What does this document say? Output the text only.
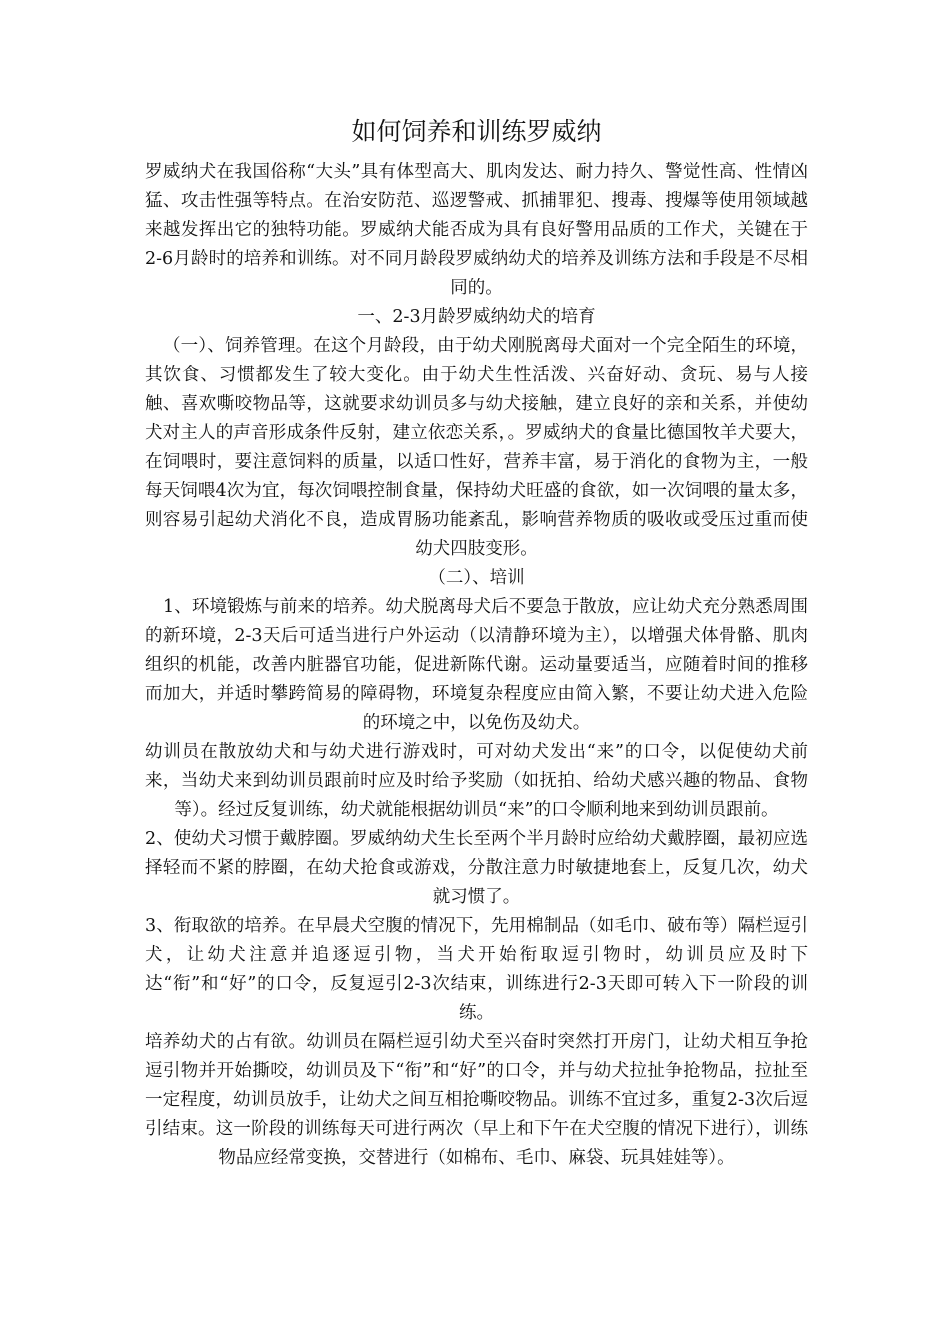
如何饲养和训练罗威纳

罗威纳犬在我国俗称“大头”具有体型高大、肌肉发达、耐力持久、警觉性高、性情凶猛、攻击性强等特点。在治安防范、巡逻警戒、抓捕罪犯、搜毒、搜爆等使用领域越来越发挥出它的独特功能。罗威纳犬能否成为具有良好警用品质的工作犬，关键在于2-6月龄时的培养和训练。对不同月龄段罗威纳幼犬的培养及训练方法和手段是不尽相同的。

一、2-3月龄罗威纳幼犬的培育

（一）、饲养管理。在这个月龄段，由于幼犬刚脱离母犬面对一个完全陌生的环境，其饮食、习惯都发生了较大变化。由于幼犬生性活泼、兴奋好动、贪玩、易与人接触、喜欢嘶咬物品等，这就要求幼训员多与幼犬接触，建立良好的亲和关系，并使幼犬对主人的声音形成条件反射，建立依恋关系，。罗威纳犬的食量比德国牧羊犬要大，在饲喂时，要注意饲料的质量，以适口性好，营养丰富，易于消化的食物为主，一般每天饲喂4次为宜，每次饲喂控制食量，保持幼犬旺盛的食欲，如一次饲喂的量太多，则容易引起幼犬消化不良，造成胃肠功能紊乱，影响营养物质的吸收或受压过重而使幼犬四肢变形。

（二）、培训

1、环境锻炼与前来的培养。幼犬脱离母犬后不要急于散放，应让幼犬充分熟悉周围的新环境，2-3天后可适当进行户外运动（以清静环境为主），以增强犬体骨骼、肌肉组织的机能，改善内脏器官功能，促进新陈代谢。运动量要适当，应随着时间的推移而加大，并适时攀跨简易的障碍物，环境复杂程度应由简入繁，不要让幼犬进入危险的环境之中，以免伤及幼犬。

幼训员在散放幼犬和与幼犬进行游戏时，可对幼犬发出“来”的口令，以促使幼犬前来，当幼犬来到幼训员跟前时应及时给予奖励（如抚拍、给幼犬感兴趣的物品、食物等）。经过反复训练，幼犬就能根据幼训员“来”的口令顺利地来到幼训员跟前。

2、使幼犬习惯于戴脖圈。罗威纳幼犬生长至两个半月龄时应给幼犬戴脖圈，最初应选择轻而不紧的脖圈，在幼犬抢食或游戏，分散注意力时敏捷地套上，反复几次，幼犬就习惯了。

3、衔取欲的培养。在早晨犬空腹的情况下，先用棉制品（如毛巾、破布等）隔栏逗引犬，让幼犬注意并追逐逗引物，当犬开始衔取逗引物时，幼训员应及时下达“衔”和“好”的口令，反复逗引2-3次结束，训练进行2-3天即可转入下一阶段的训练。

培养幼犬的占有欲。幼训员在隔栏逗引幼犬至兴奋时突然打开房门，让幼犬相互争抢逗引物并开始撕咬，幼训员及下“衔”和“好”的口令，并与幼犬拉扯争抢物品，拉扯至一定程度，幼训员放手，让幼犬之间互相抢嘶咬物品。训练不宜过多，重复2-3次后逗引结束。这一阶段的训练每天可进行两次（早上和下午在犬空腹的情况下进行），训练物品应经常变换，交替进行（如棉布、毛巾、麻袋、玩具娃娃等）。
